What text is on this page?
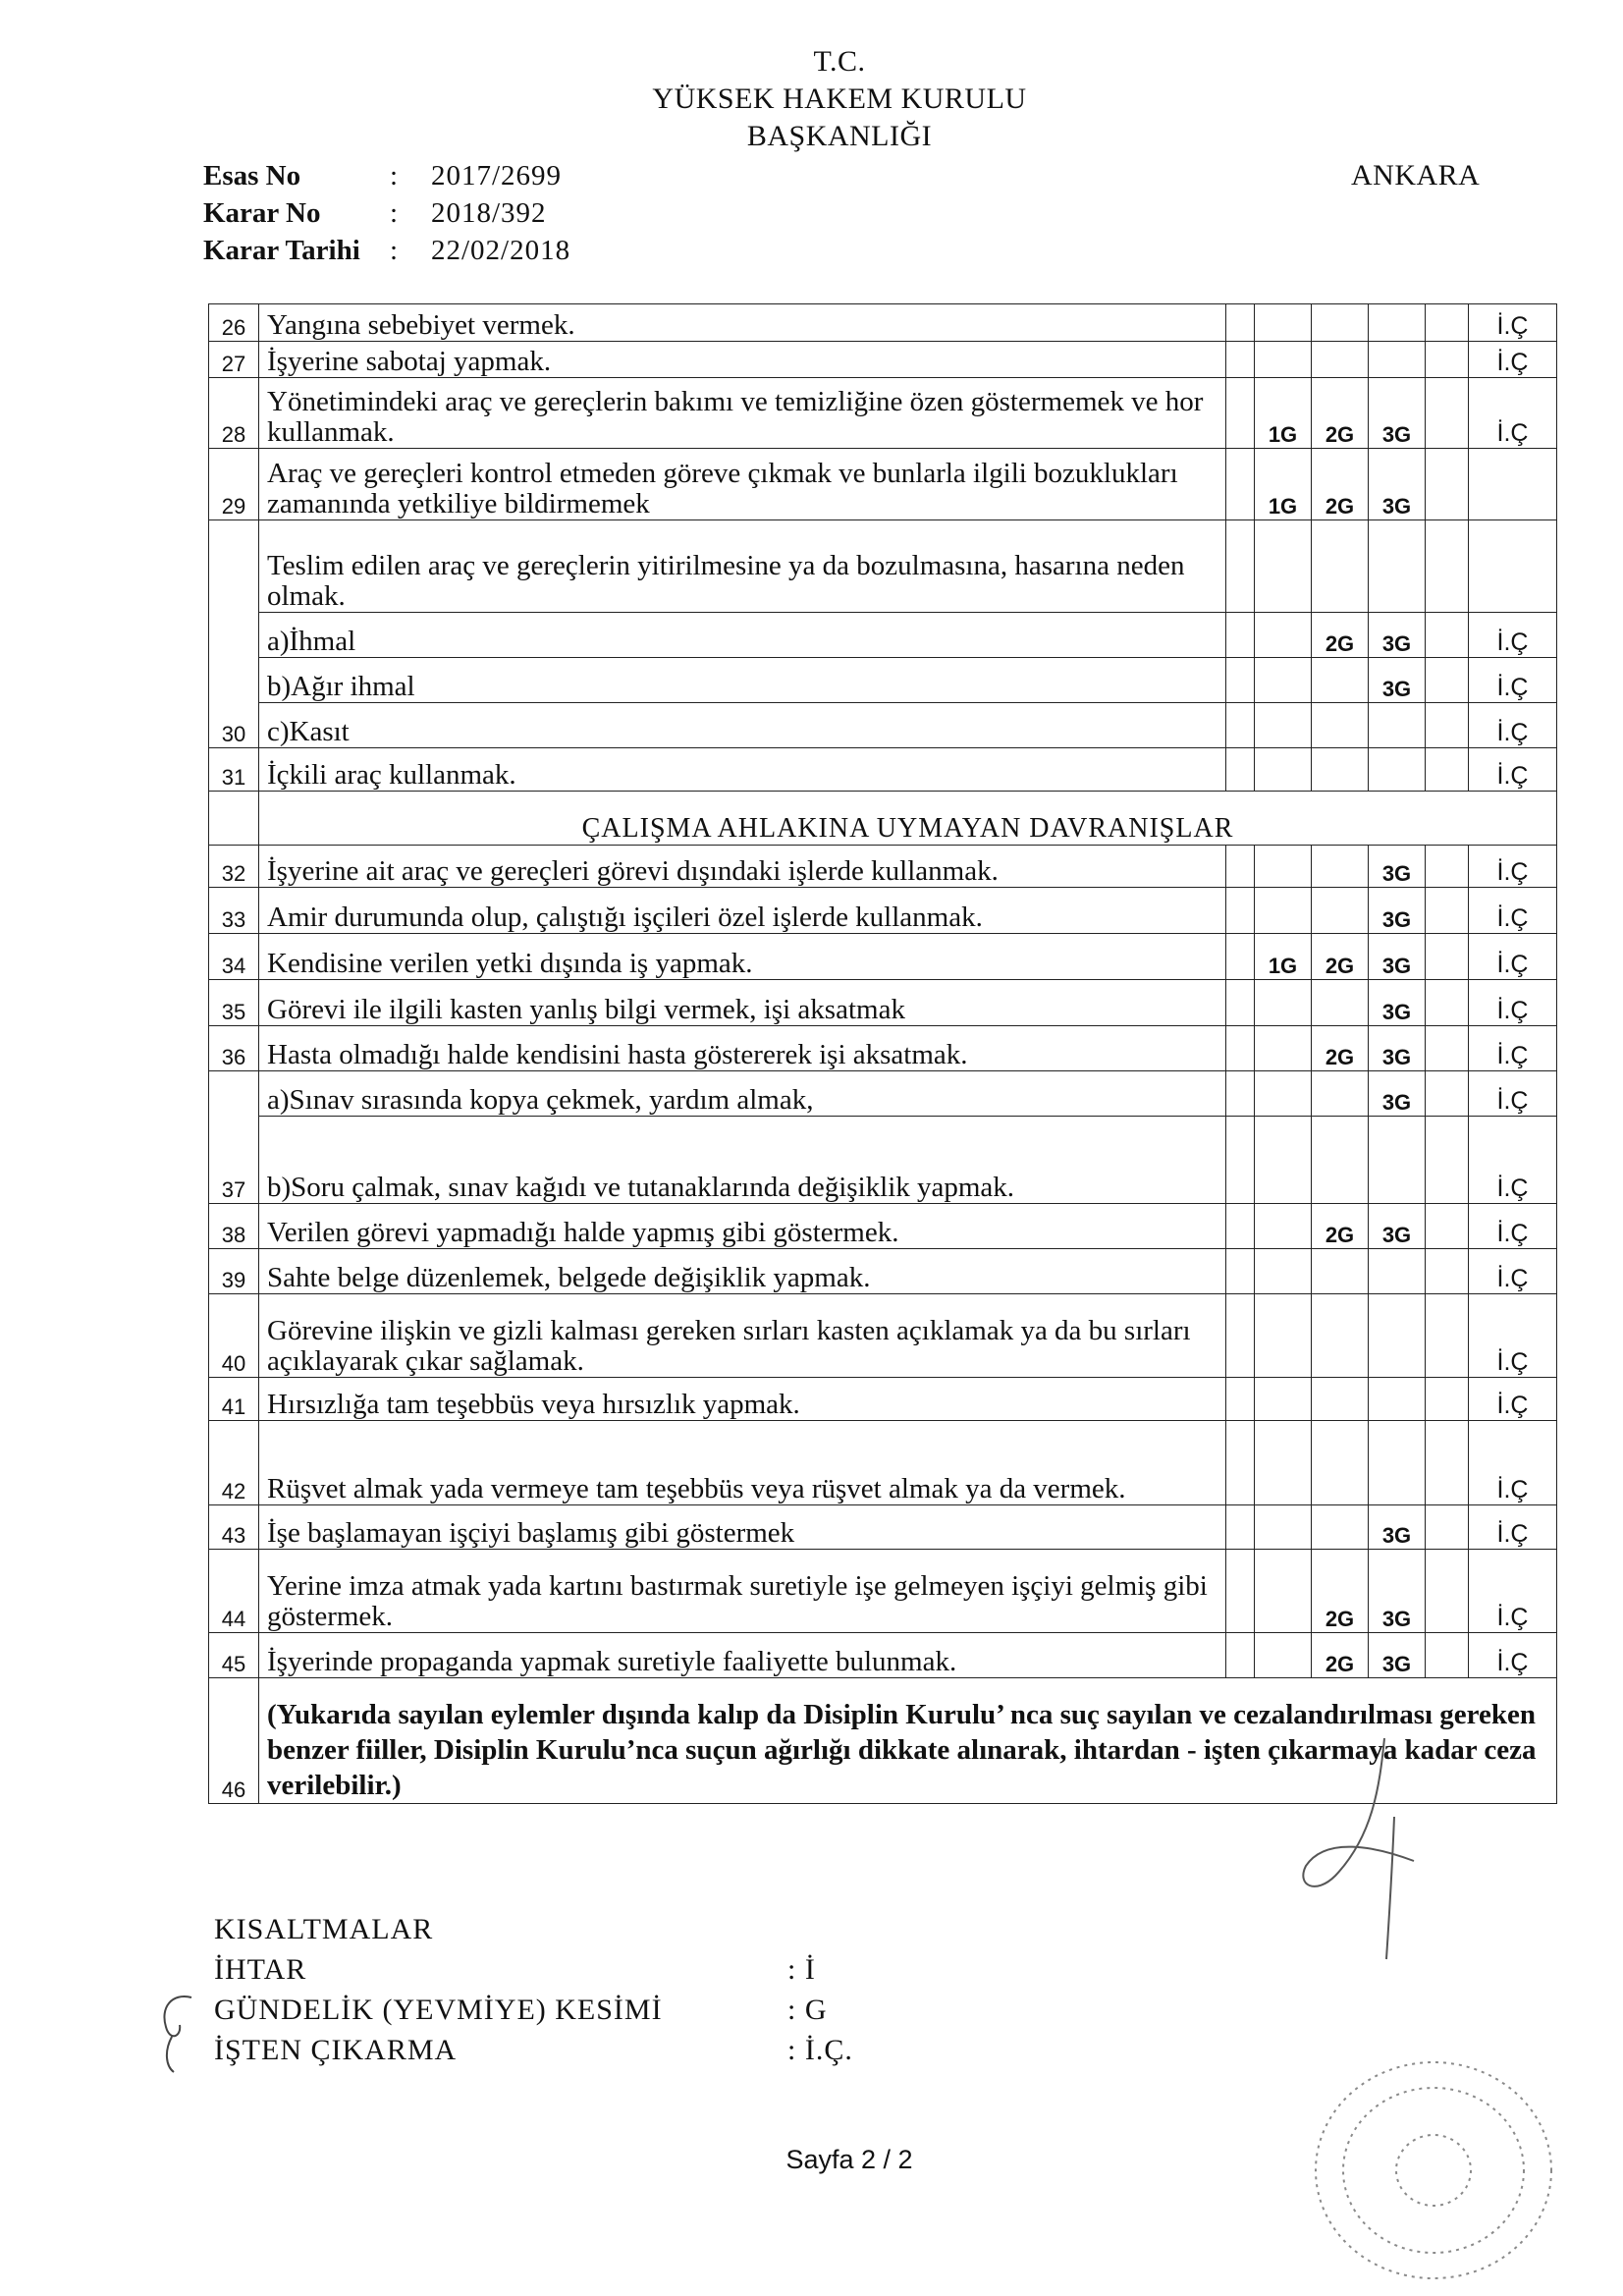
T.C.
YÜKSEK HAKEM KURULU
BAŞKANLIĞI
ANKARA
Esas No	:	2017/2699
Karar No	:	2018/392
Karar Tarihi	:	22/02/2018
26	Yangına sebebiyet vermek.						İ.Ç
27	İşyerine sabotaj yapmak.						İ.Ç
28	Yönetimindeki araç ve gereçlerin bakımı ve temizliğine özen göstermemek ve hor kullanmak.		1G	2G	3G		İ.Ç
29	Araç ve gereçleri kontrol etmeden göreve çıkmak ve bunlarla ilgili bozuklukları zamanında yetkiliye bildirmemek		1G	2G	3G		
30	Teslim edilen araç ve gereçlerin yitirilmesine ya da bozulmasına, hasarına neden olmak.						
	a)İhmal			2G	3G		İ.Ç
	b)Ağır ihmal				3G		İ.Ç
	c)Kasıt						İ.Ç
31	İçkili araç kullanmak.						İ.Ç
	ÇALIŞMA AHLAKINA UYMAYAN DAVRANIŞLAR						
32	İşyerine ait araç ve gereçleri görevi dışındaki işlerde kullanmak.				3G		İ.Ç
33	Amir durumunda olup, çalıştığı işçileri özel işlerde kullanmak.				3G		İ.Ç
34	Kendisine verilen yetki dışında iş yapmak.		1G	2G	3G		İ.Ç
35	Görevi ile ilgili kasten yanlış bilgi vermek, işi aksatmak				3G		İ.Ç
36	Hasta olmadığı halde kendisini hasta göstererek işi aksatmak.			2G	3G		İ.Ç
37	a)Sınav sırasında kopya çekmek, yardım almak,				3G		İ.Ç
	b)Soru çalmak, sınav kağıdı ve tutanaklarında değişiklik yapmak.						İ.Ç
38	Verilen görevi yapmadığı halde yapmış gibi göstermek.			2G	3G		İ.Ç
39	Sahte belge düzenlemek, belgede değişiklik yapmak.						İ.Ç
40	Görevine ilişkin ve gizli kalması gereken sırları kasten açıklamak ya da bu sırları açıklayarak çıkar sağlamak.						İ.Ç
41	Hırsızlığa tam teşebbüs veya hırsızlık yapmak.						İ.Ç
42	Rüşvet almak yada vermeye tam teşebbüs veya rüşvet almak ya da vermek.						İ.Ç
43	İşe başlamayan işçiyi başlamış gibi göstermek				3G		İ.Ç
44	Yerine imza atmak yada kartını bastırmak suretiyle işe gelmeyen işçiyi gelmiş gibi göstermek.			2G	3G		İ.Ç
45	İşyerinde propaganda yapmak suretiyle faaliyette bulunmak.			2G	3G		İ.Ç
46	(Yukarıda sayılan eylemler dışında kalıp da Disiplin Kurulu’ nca suç sayılan ve cezalandırılması gereken benzer fiiller, Disiplin Kurulu’nca suçun ağırlığı dikkate alınarak, ihtardan - işten çıkarmaya kadar ceza verilebilir.)						
KISALTMALAR
İHTAR	: İ
GÜNDELİK (YEVMİYE) KESİMİ	: G
İŞTEN ÇIKARMA	: İ.Ç.
Sayfa 2 / 2
